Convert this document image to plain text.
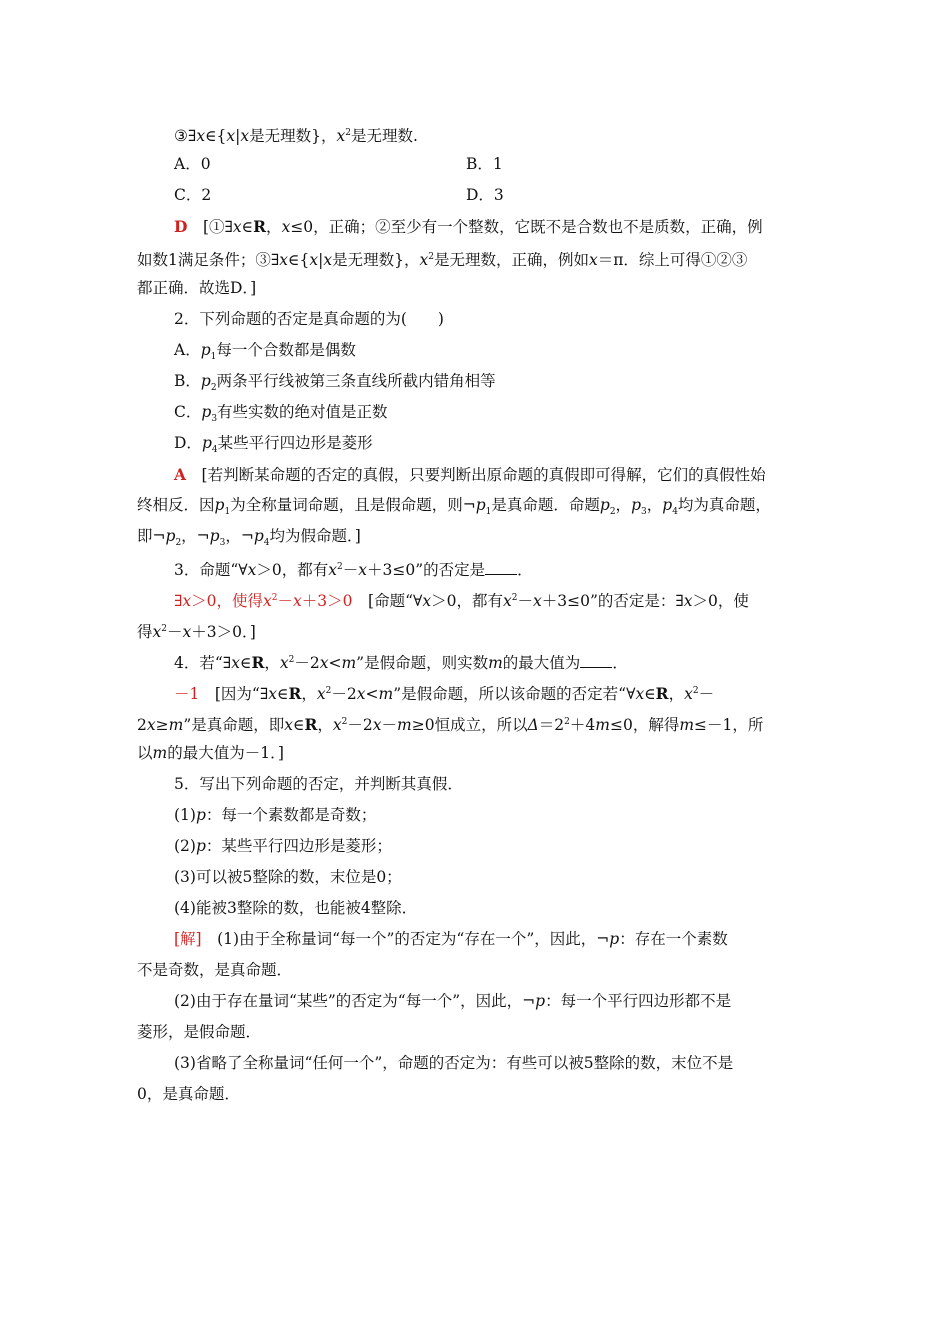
③∃x∈{x|x是无理数}，$x^2$是无理数.
A．0	B．1
C．2	D．3
D　[①∃x∈R，x≤0，正确；②至少有一个整数，它既不是合数也不是质数，正确，例
如数1满足条件；③∃x∈{x|x是无理数}，$x^2$是无理数，正确，例如x＝π．综上可得①②③
都正确．故选D．]
2．下列命题的否定是真命题的为(　　)
A．$p_1$每一个合数都是偶数
B．$p_2$两条平行线被第三条直线所截内错角相等
C．$p_3$有些实数的绝对值是正数
D．$p_4$某些平行四边形是菱形
A　[若判断某命题的否定的真假，只要判断出原命题的真假即可得解，它们的真假性始
终相反．因$p_1$为全称量词命题，且是假命题，则$\neg p_1$是真命题．命题$p_2$，$p_3$，$p_4$均为真命题，
即$\neg p_2$，$\neg p_3$，$\neg p_4$均为假命题．]
3．命题“∀x＞0，都有$x^2-x+3\le 0$”的否定是 ．
∃x＞0，使得$x^2-x+3>0$　[命题“∀x＞0，都有$x^2-x+3\le 0$”的否定是：∃x＞0，使
得$x^2-x+3>0$．]
4．若“∃x∈R，$x^2-2x<m$”是假命题，则实数m的最大值为 ．
－1　[因为“∃x∈R，$x^2-2x<m$”是假命题，所以该命题的否定若“∀x∈R，$x^2-$
2x≥m”是真命题，即x∈R，$x^2-2x-m\ge 0$恒成立，所以$\Delta=2^2+4m\le 0$，解得m≤－1，所
以m的最大值为－1．]
5．写出下列命题的否定，并判断其真假．
(1)p：每一个素数都是奇数；
(2)p：某些平行四边形是菱形；
(3)可以被5整除的数，末位是0；
(4)能被3整除的数，也能被4整除．
[解]　(1)由于全称量词“每一个”的否定为“存在一个”，因此，¬p：存在一个素数
不是奇数，是真命题．
(2)由于存在量词“某些”的否定为“每一个”，因此，¬p：每一个平行四边形都不是
菱形，是假命题．
(3)省略了全称量词“任何一个”，命题的否定为：有些可以被5整除的数，末位不是
0，是真命题．
